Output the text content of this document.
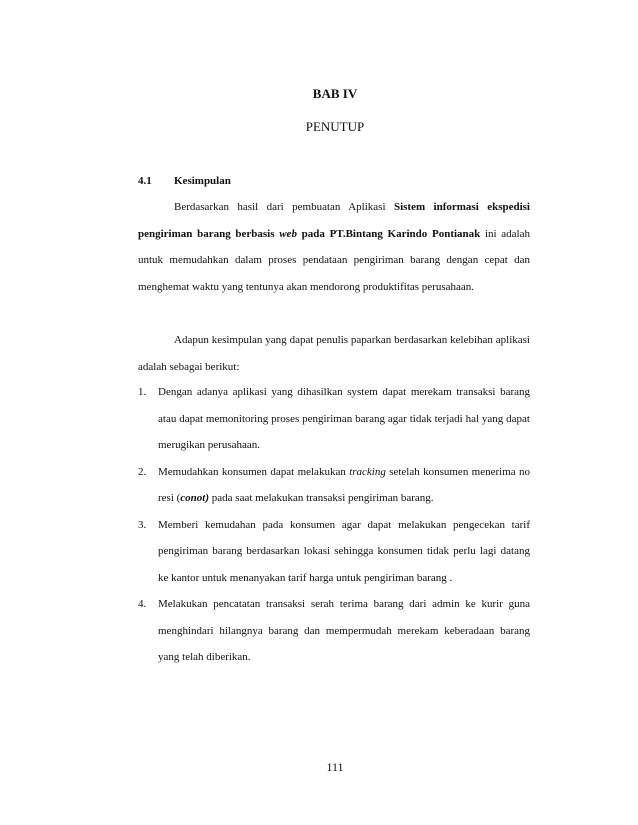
BAB IV
PENUTUP
4.1 Kesimpulan

Berdasarkan hasil dari pembuatan Aplikasi Sistem informasi ekspedisi pengiriman barang berbasis web pada PT.Bintang Karindo Pontianak ini adalah untuk memudahkan dalam proses pendataan pengiriman barang dengan cepat dan menghemat waktu yang tentunya akan mendorong produktifitas perusahaan.

Adapun kesimpulan yang dapat penulis paparkan berdasarkan kelebihan aplikasi adalah sebagai berikut:

1. Dengan adanya aplikasi yang dihasilkan system dapat merekam transaksi barang atau dapat memonitoring proses pengiriman barang agar tidak terjadi hal yang dapat merugikan perusahaan.
2. Memudahkan konsumen dapat melakukan tracking setelah konsumen menerima no resi (conot) pada saat melakukan transaksi pengiriman barang.
3. Memberi kemudahan pada konsumen agar dapat melakukan pengecekan tarif pengiriman barang berdasarkan lokasi sehingga konsumen tidak perlu lagi datang ke kantor untuk menanyakan tarif harga untuk pengiriman barang .
4. Melakukan pencatatan transaksi serah terima barang dari admin ke kurir guna menghindari hilangnya barang dan mempermudah merekam keberadaan barang yang telah diberikan.
111
